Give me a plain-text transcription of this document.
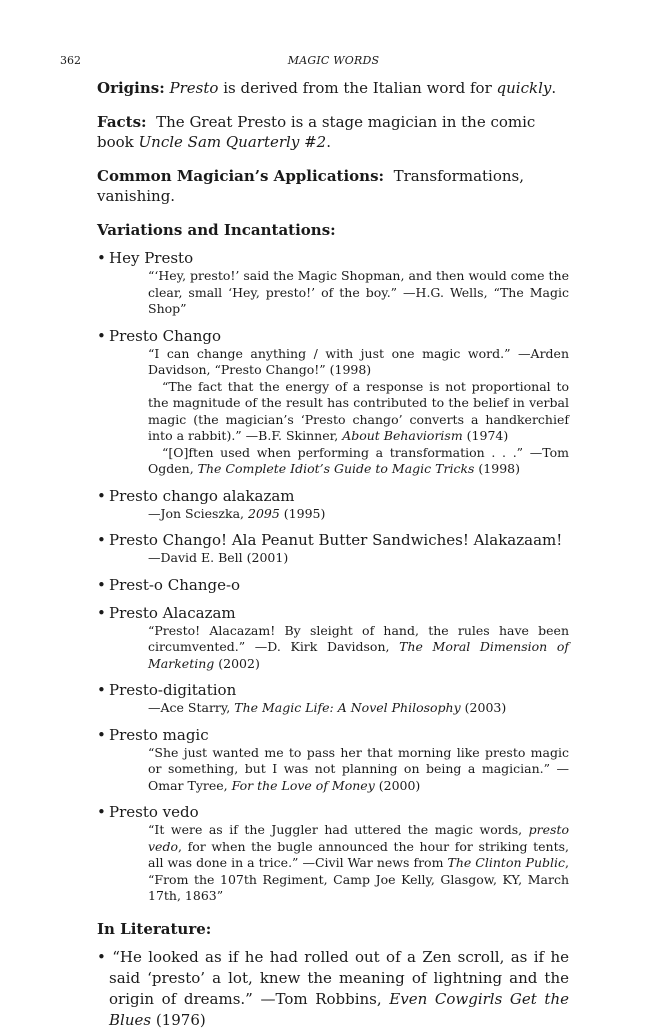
362	MAGIC WORDS

Origins: Presto is derived from the Italian word for quickly.

Facts: The Great Presto is a stage magician in the comic book Uncle Sam Quarterly #2.

Common Magician’s Applications: Transformations, vanishing.

Variations and Incantations:
• Hey Presto
“‘Hey, presto!’ said the Magic Shopman, and then would come the clear, small ‘Hey, presto!’ of the boy.” —H.G. Wells, “The Magic Shop”
• Presto Chango
“I can change anything / with just one magic word.” —Arden Davidson, “Presto Chango!” (1998)
“The fact that the energy of a response is not proportional to the magnitude of the result has contributed to the belief in verbal magic (the magician’s ‘Presto chango’ converts a handkerchief into a rabbit).” —B.F. Skinner, About Behaviorism (1974)
“[O]ften used when performing a transformation . . .” —Tom Ogden, The Complete Idiot’s Guide to Magic Tricks (1998)
• Presto chango alakazam
—Jon Scieszka, 2095 (1995)
• Presto Chango! Ala Peanut Butter Sandwiches! Alakazaam!
—David E. Bell (2001)
• Prest-o Change-o
• Presto Alacazam
“Presto! Alacazam! By sleight of hand, the rules have been circumvented.” —D. Kirk Davidson, The Moral Dimension of Marketing (2002)
• Presto-digitation
—Ace Starry, The Magic Life: A Novel Philosophy (2003)
• Presto magic
“She just wanted me to pass her that morning like presto magic or something, but I was not planning on being a magician.” —Omar Tyree, For the Love of Money (2000)
• Presto vedo
“It were as if the Juggler had uttered the magic words, presto vedo, for when the bugle announced the hour for striking tents, all was done in a trice.” —Civil War news from The Clinton Public, “From the 107th Regiment, Camp Joe Kelly, Glasgow, KY, March 17th, 1863”
In Literature:
• “He looked as if he had rolled out of a Zen scroll, as if he said ‘presto’ a lot, knew the meaning of lightning and the origin of dreams.” —Tom Robbins, Even Cowgirls Get the Blues (1976)
